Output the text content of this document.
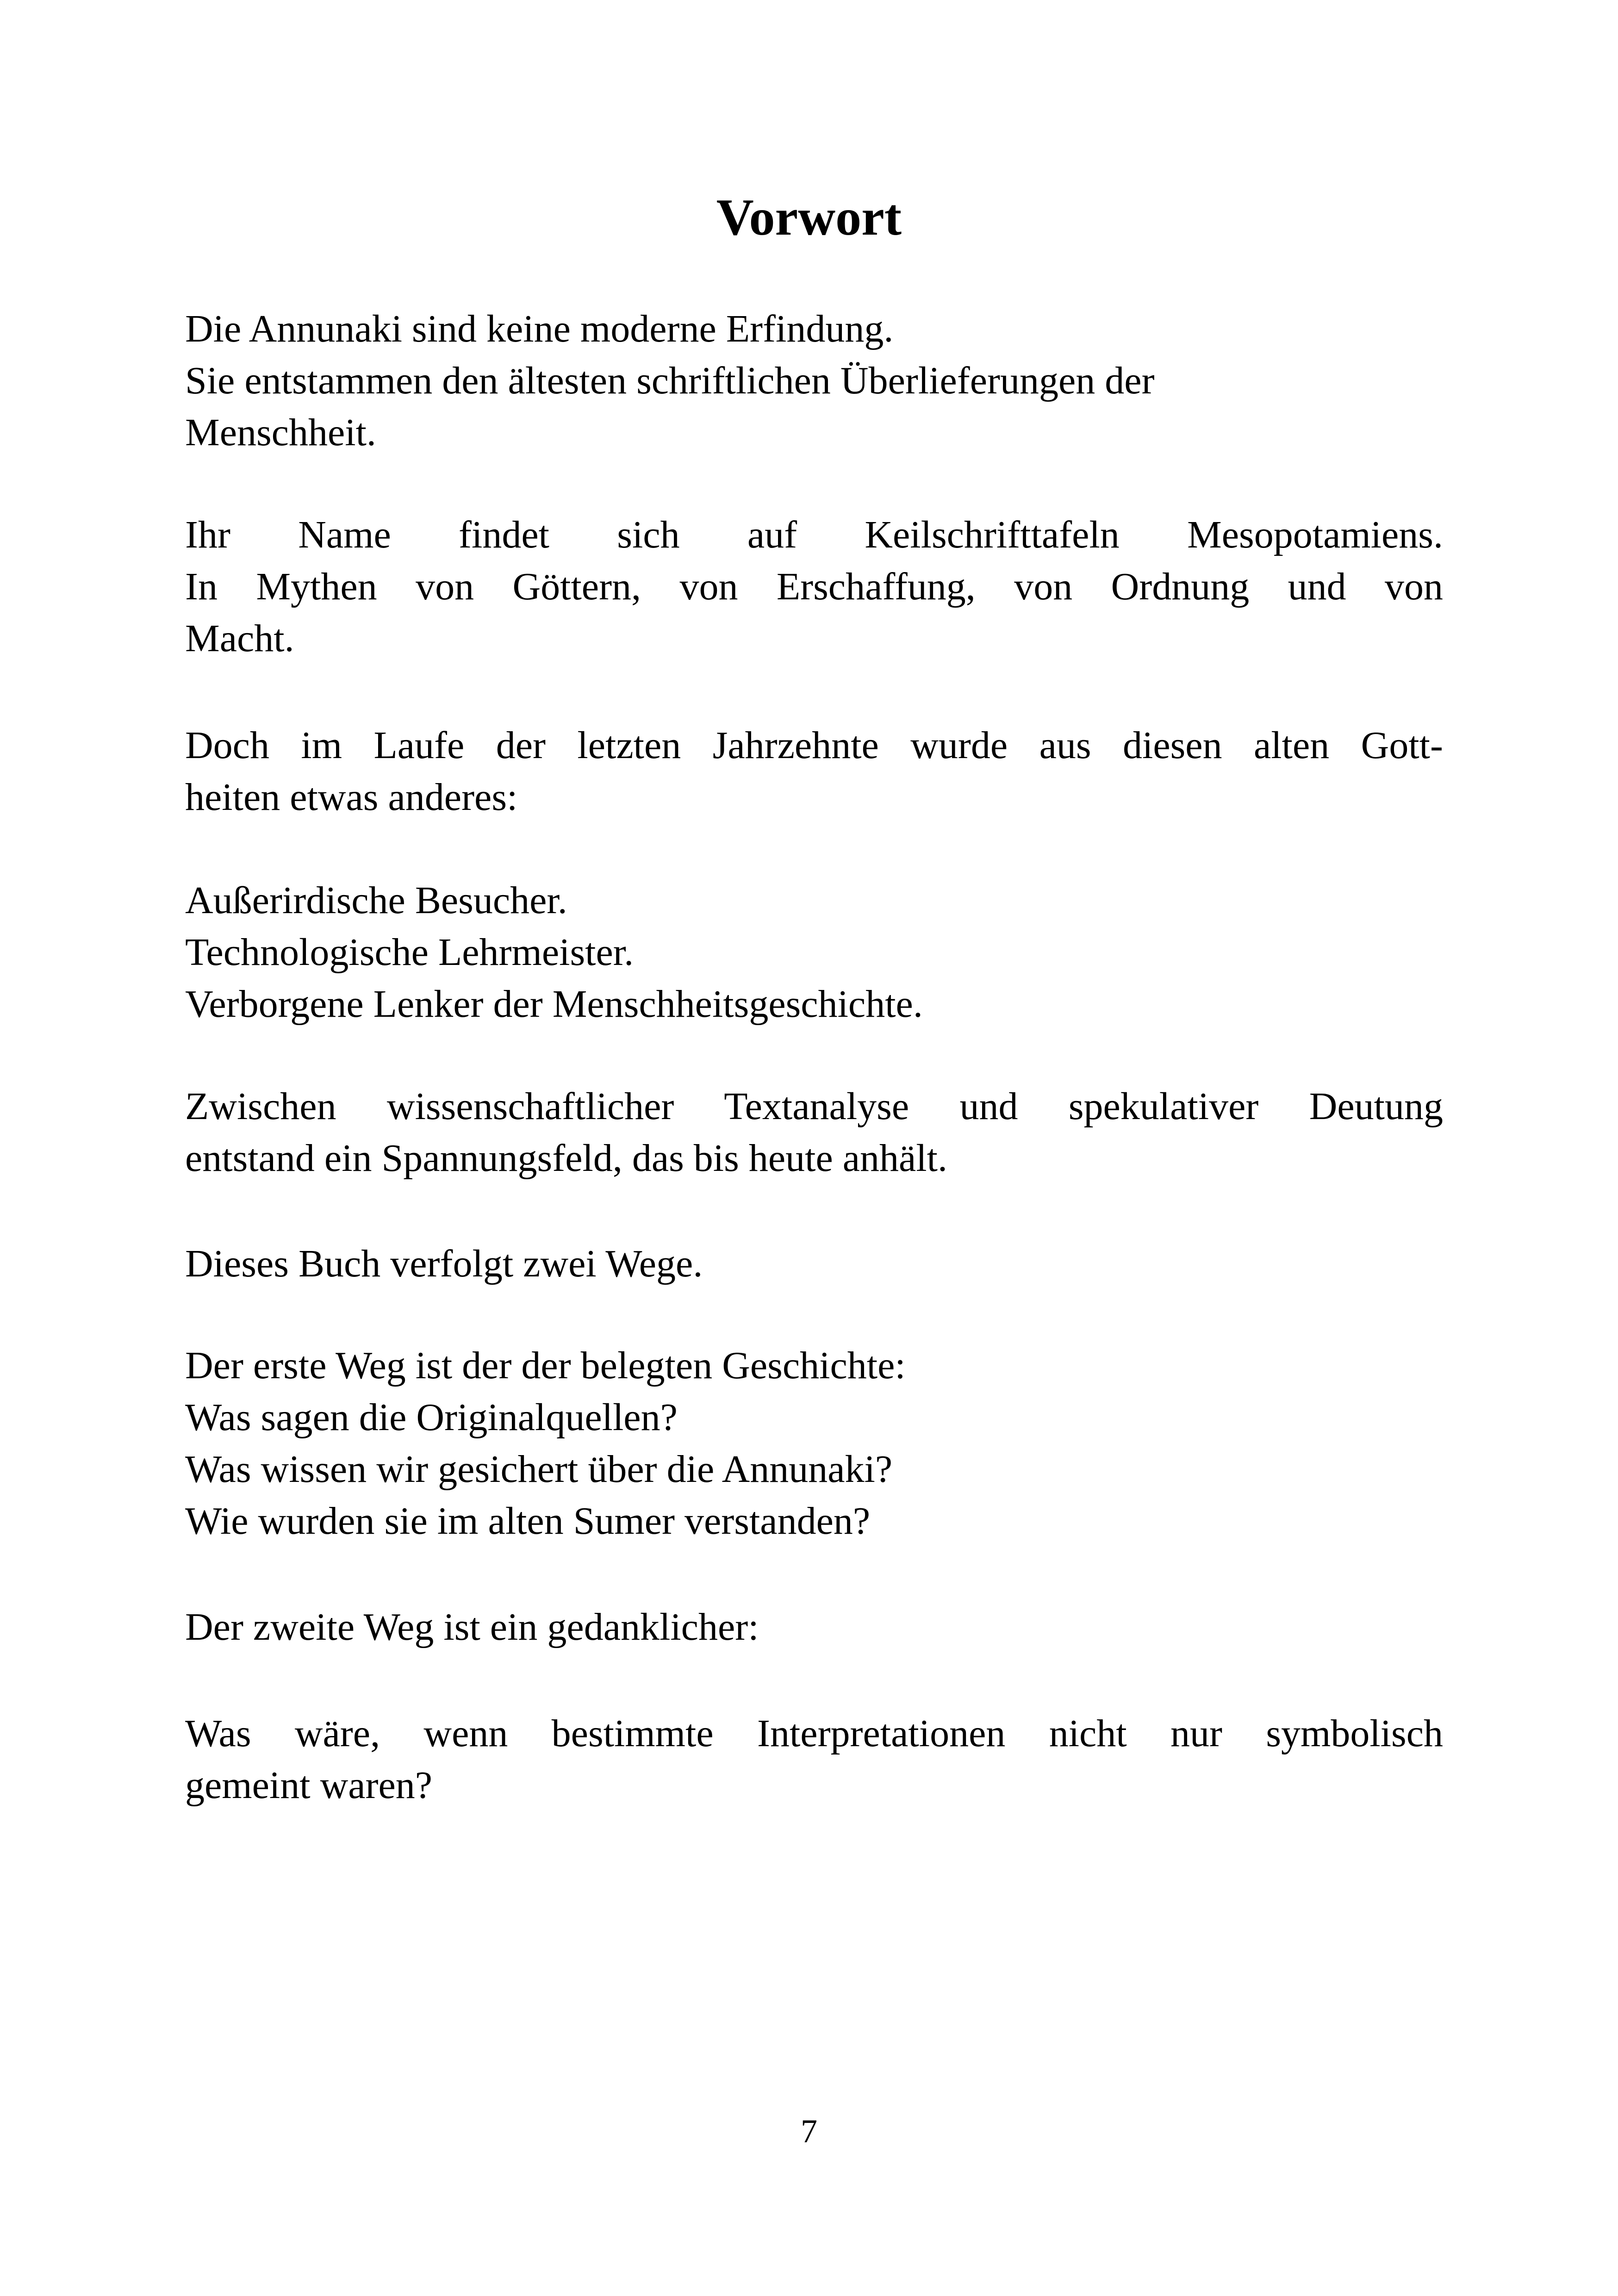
Vorwort

Die Annunaki sind keine moderne Erfindung.
Sie entstammen den ältesten schriftlichen Überlieferungen der
Menschheit.

Ihr Name findet sich auf Keilschrifttafeln Mesopotamiens.
In Mythen von Göttern, von Erschaffung, von Ordnung und von
Macht.

Doch im Laufe der letzten Jahrzehnte wurde aus diesen alten Gott-
heiten etwas anderes:

Außerirdische Besucher.
Technologische Lehrmeister.
Verborgene Lenker der Menschheitsgeschichte.

Zwischen wissenschaftlicher Textanalyse und spekulativer Deutung
entstand ein Spannungsfeld, das bis heute anhält.

Dieses Buch verfolgt zwei Wege.

Der erste Weg ist der der belegten Geschichte:
Was sagen die Originalquellen?
Was wissen wir gesichert über die Annunaki?
Wie wurden sie im alten Sumer verstanden?

Der zweite Weg ist ein gedanklicher:

Was wäre, wenn bestimmte Interpretationen nicht nur symbolisch
gemeint waren?

7
